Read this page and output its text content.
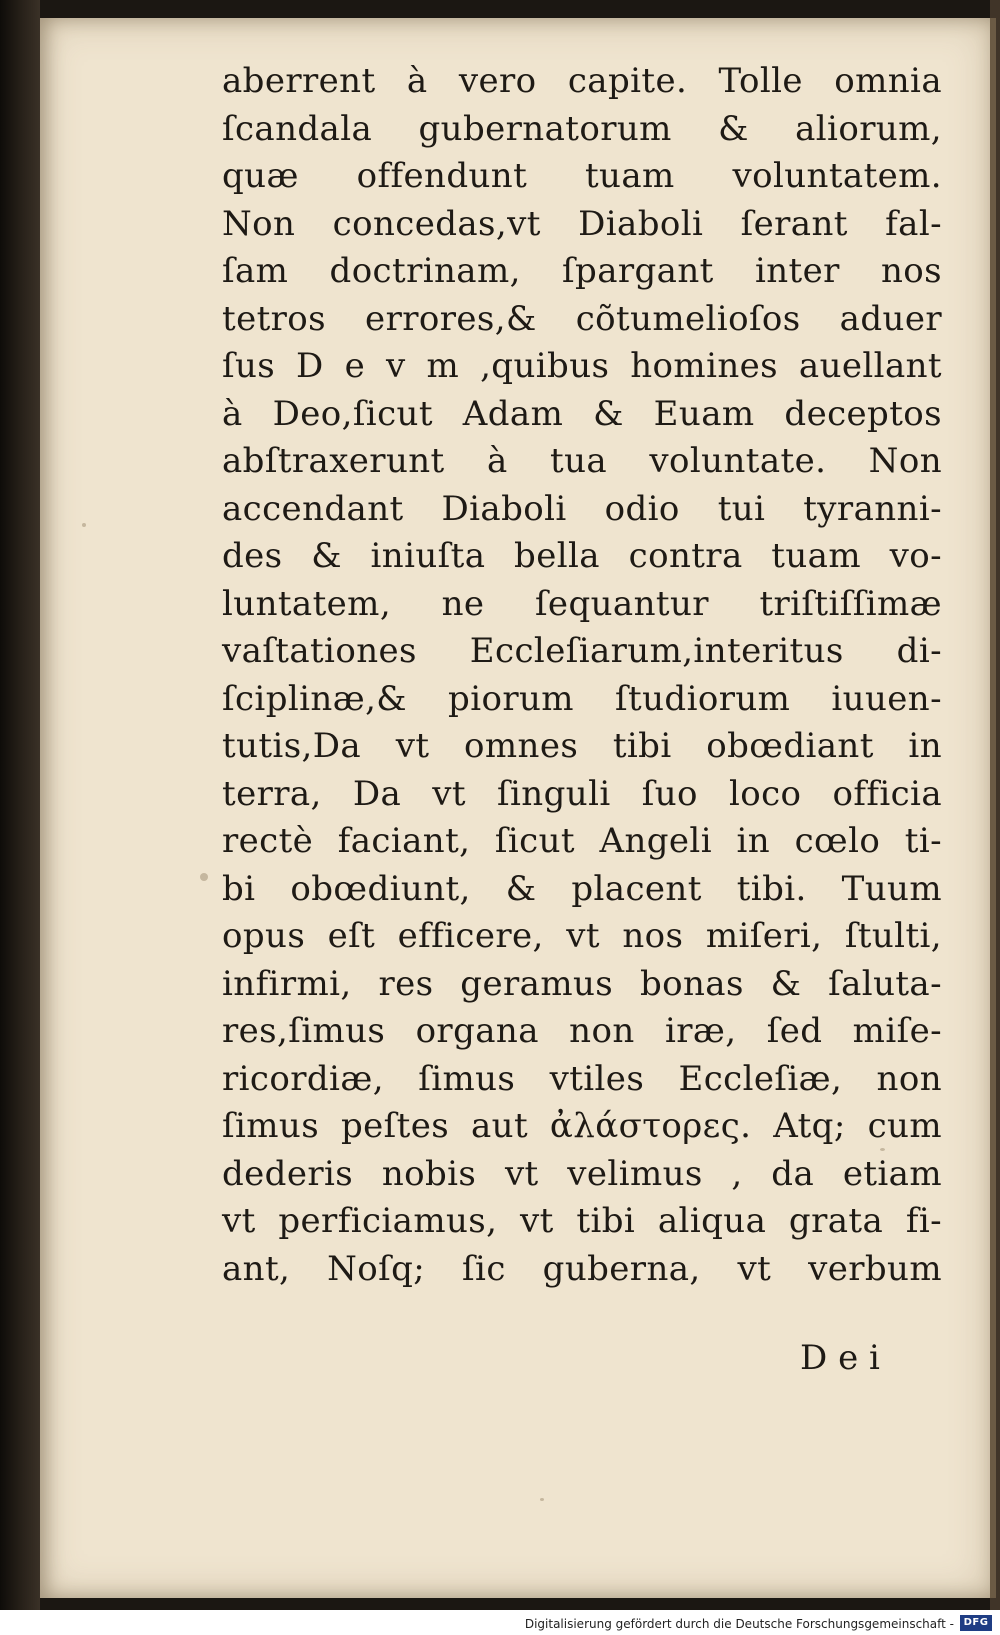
aberrent à vero capite. Tolle omnia
ſcandala gubernatorum & aliorum,
quæ offendunt tuam voluntatem.
Non concedas,vt Diaboli ſerant fal-
ſam doctrinam, ſpargant inter nos
tetros errores,& cõtumelioſos aduer
ſus D e v m ,quibus homines auellant
à Deo,ſicut Adam & Euam deceptos
abſtraxerunt à tua voluntate. Non
accendant Diaboli odio tui tyranni-
des & iniuſta bella contra tuam vo-
luntatem, ne ſequantur triſtiſſimæ
vaſtationes Eccleſiarum,interitus di-
ſciplinæ,& piorum ſtudiorum iuuen-
tutis,Da vt omnes tibi obœdiant in
terra, Da vt ſinguli ſuo loco officia
rectè faciant, ſicut Angeli in cœlo ti-
bi obœdiunt, & placent tibi. Tuum
opus eſt efficere, vt nos miſeri, ſtulti,
infirmi, res geramus bonas & ſaluta-
res,ſimus organa non iræ, ſed miſe-
ricordiæ, ſimus vtiles Eccleſiæ, non
ſimus peſtes aut ἀλάστορες. Atq; cum
dederis nobis vt velimus , da etiam
vt perficiamus, vt tibi aliqua grata fi-
ant, Noſq; ſic guberna, vt verbum
D e i
Digitalisierung gefördert durch die Deutsche Forschungsgemeinschaft - DFG
